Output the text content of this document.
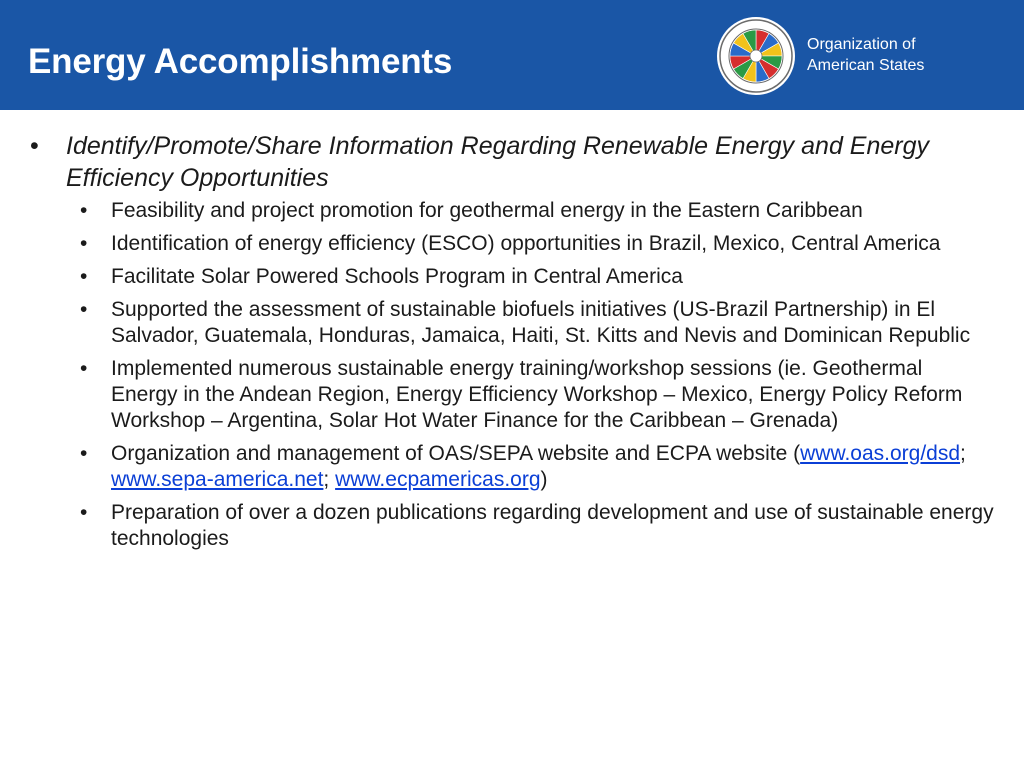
Energy Accomplishments	Organization of
American States
• Identify/Promote/Share Information Regarding Renewable Energy and Energy Efficiency Opportunities
• Feasibility and project promotion for geothermal energy in the Eastern Caribbean
• Identification of energy efficiency (ESCO) opportunities in Brazil, Mexico, Central America
• Facilitate Solar Powered Schools Program in Central America
• Supported the assessment of sustainable biofuels initiatives (US-Brazil Partnership) in El Salvador, Guatemala, Honduras, Jamaica, Haiti, St. Kitts and Nevis and Dominican Republic
• Implemented numerous sustainable energy training/workshop sessions (ie. Geothermal Energy in the Andean Region, Energy Efficiency Workshop – Mexico, Energy Policy Reform Workshop – Argentina, Solar Hot Water Finance for the Caribbean – Grenada)
• Organization and management of OAS/SEPA website and ECPA website (www.oas.org/dsd; www.sepa-america.net; www.ecpamericas.org)
• Preparation of over a dozen publications regarding development and use of sustainable energy technologies
